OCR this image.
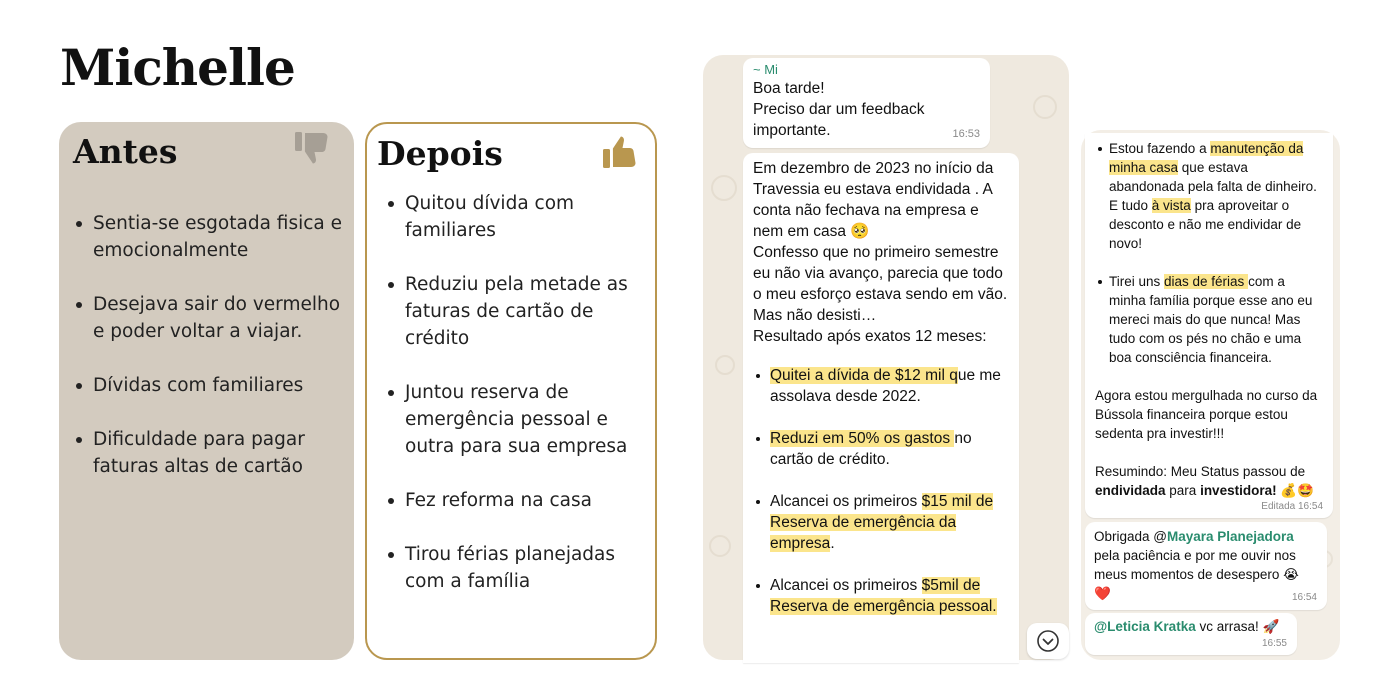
Michelle
Antes
Sentia-se esgotada fisica e emocionalmente
Desejava sair do vermelho e poder voltar a viajar.
Dívidas com familiares
Dificuldade para pagar faturas altas de cartão
Depois
Quitou dívida com familiares
Reduziu pela metade as faturas de cartão de crédito
Juntou reserva de emergência pessoal e outra para sua empresa
Fez reforma na casa
Tirou férias planejadas com a família
~ Mi
Boa tarde!
Preciso dar um feedback importante.	16:53
Em dezembro de 2023 no início da Travessia eu estava endividada . A conta não fechava na empresa e nem em casa 🥺
Confesso que no primeiro semestre eu não via avanço, parecia que todo o meu esforço estava sendo em vão.
Mas não desisti…
Resultado após exatos 12 meses:
Quitei a dívida de $12 mil que me assolava desde 2022.
Reduzi em 50% os gastos no cartão de crédito.
Alcancei os primeiros $15 mil de Reserva de emergência da empresa.
Alcancei os primeiros $5mil de Reserva de emergência pessoal.
Estou fazendo a manutenção da minha casa que estava abandonada pela falta de dinheiro. E tudo à vista pra aproveitar o desconto e não me endividar de novo!
Tirei uns dias de férias com a minha família porque esse ano eu mereci mais do que nunca! Mas tudo com os pés no chão e uma boa consciência financeira.
Agora estou mergulhada no curso da Bússola financeira porque estou sedenta pra investir!!!
Resumindo: Meu Status passou de endividada para investidora! 💰🤩
Editada 16:54
Obrigada @Mayara Planejadora pela paciência e por me ouvir nos meus momentos de desespero 😭
❤️	16:54
@Leticia Kratka vc arrasa! 🚀
16:55
